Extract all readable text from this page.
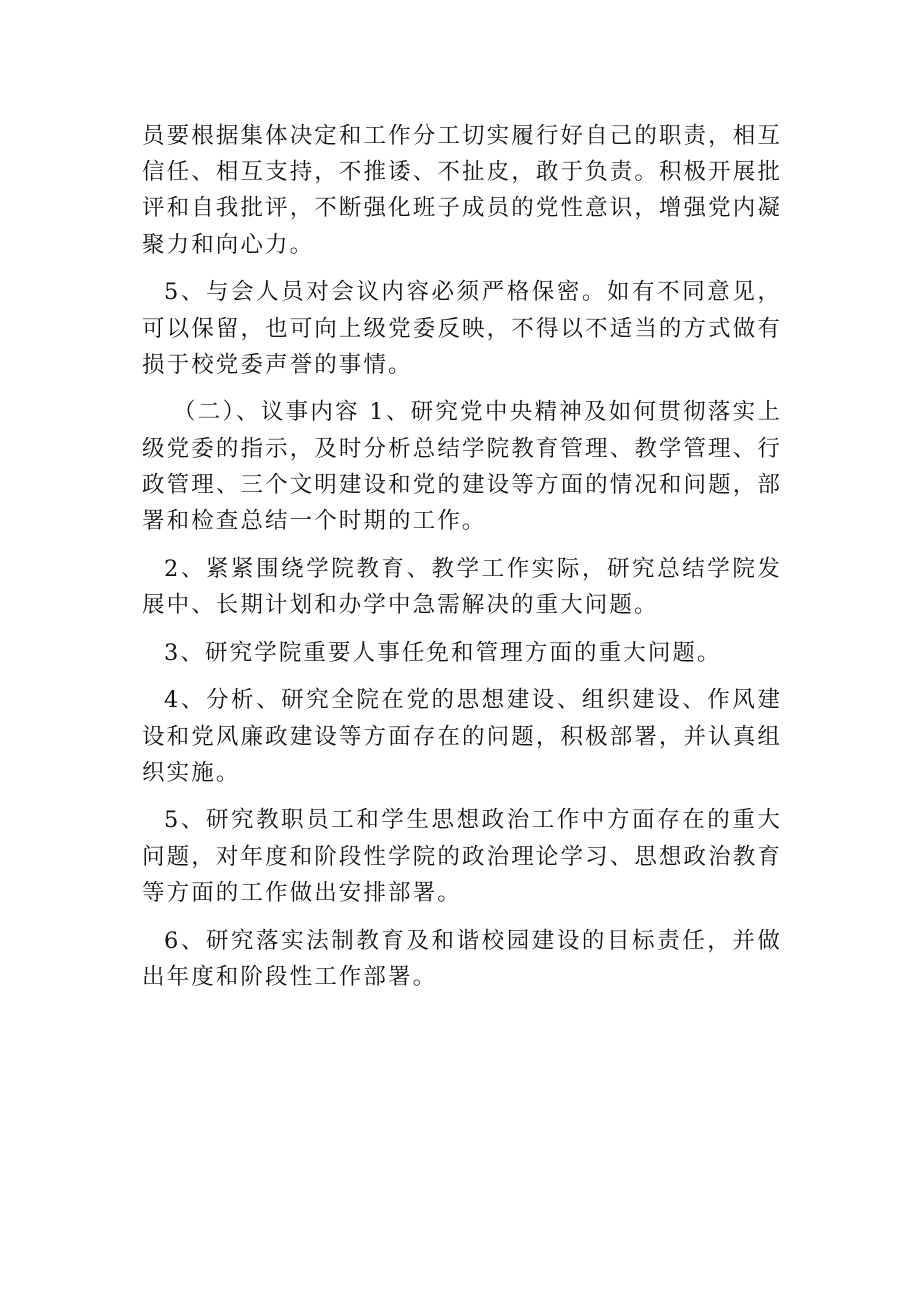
员要根据集体决定和工作分工切实履行好自己的职责，相互信任、相互支持，不推诿、不扯皮，敢于负责。积极开展批评和自我批评，不断强化班子成员的党性意识，增强党内凝聚力和向心力。

5、与会人员对会议内容必须严格保密。如有不同意见，可以保留，也可向上级党委反映，不得以不适当的方式做有损于校党委声誉的事情。

（二）、议事内容 1、研究党中央精神及如何贯彻落实上级党委的指示，及时分析总结学院教育管理、教学管理、行政管理、三个文明建设和党的建设等方面的情况和问题，部署和检查总结一个时期的工作。

2、紧紧围绕学院教育、教学工作实际，研究总结学院发展中、长期计划和办学中急需解决的重大问题。

3、研究学院重要人事任免和管理方面的重大问题。

4、分析、研究全院在党的思想建设、组织建设、作风建设和党风廉政建设等方面存在的问题，积极部署，并认真组织实施。

5、研究教职员工和学生思想政治工作中方面存在的重大问题，对年度和阶段性学院的政治理论学习、思想政治教育等方面的工作做出安排部署。

6、研究落实法制教育及和谐校园建设的目标责任，并做出年度和阶段性工作部署。
